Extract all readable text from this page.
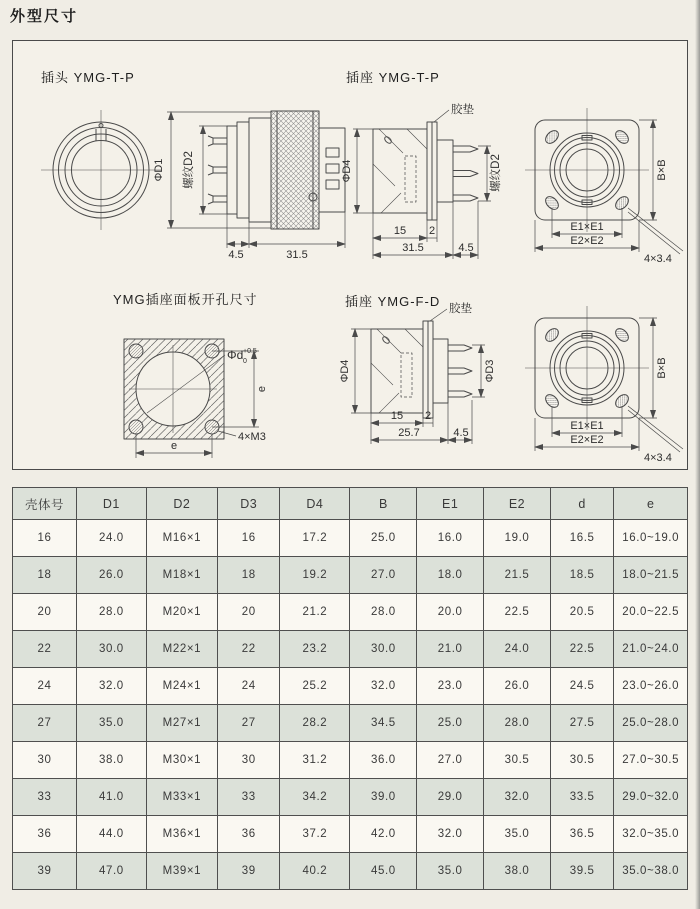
外型尺寸
插头 YMG-T-P	插座 YMG-T-P
YMG插座面板开孔尺寸	插座 YMG-F-D
ΦD1 螺纹D2
4.5	31.5
胶垫
ΦD4	螺纹D2
15 2
31.5	4.5
B×B
E1×E1
E2×E2
4×3.4
Φd +0.5
0
e
e
4×M3
胶垫
ΦD4	ΦD3
15 2
25.7	4.5
B×B
E1×E1
E2×E2
4×3.4
壳体号	D1	D2	D3	D4	B	E1	E2	d	e
16	24.0	M16×1	16	17.2	25.0	16.0	19.0	16.5	16.0~19.0
18	26.0	M18×1	18	19.2	27.0	18.0	21.5	18.5	18.0~21.5
20	28.0	M20×1	20	21.2	28.0	20.0	22.5	20.5	20.0~22.5
22	30.0	M22×1	22	23.2	30.0	21.0	24.0	22.5	21.0~24.0
24	32.0	M24×1	24	25.2	32.0	23.0	26.0	24.5	23.0~26.0
27	35.0	M27×1	27	28.2	34.5	25.0	28.0	27.5	25.0~28.0
30	38.0	M30×1	30	31.2	36.0	27.0	30.5	30.5	27.0~30.5
33	41.0	M33×1	33	34.2	39.0	29.0	32.0	33.5	29.0~32.0
36	44.0	M36×1	36	37.2	42.0	32.0	35.0	36.5	32.0~35.0
39	47.0	M39×1	39	40.2	45.0	35.0	38.0	39.5	35.0~38.0
